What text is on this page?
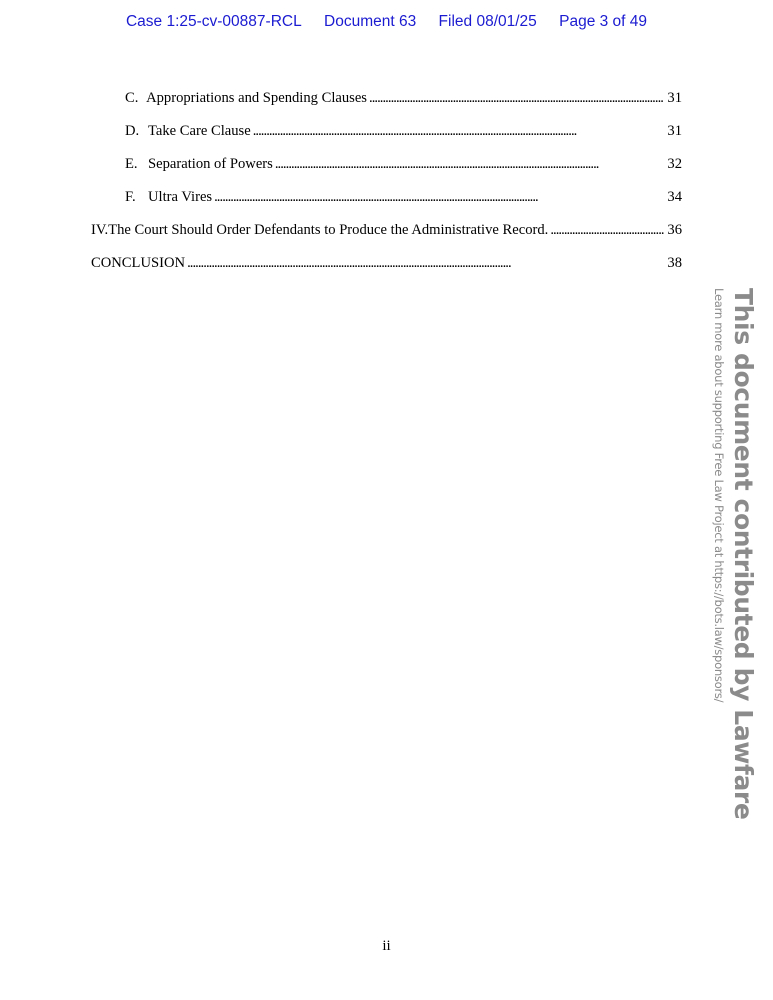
Case 1:25-cv-00887-RCL Document 63 Filed 08/01/25 Page 3 of 49
C. Appropriations and Spending Clauses . . .	31
D. Take Care Clause . . .	31
E. Separation of Powers . . .	32
F. Ultra Vires . . .	34
IV. The Court Should Order Defendants to Produce the Administrative Record. . . .	36
CONCLUSION . . .	38
This document contributed by Lawfare
Learn more about supporting Free Law Project at https://bots.law/sponsors/
ii
